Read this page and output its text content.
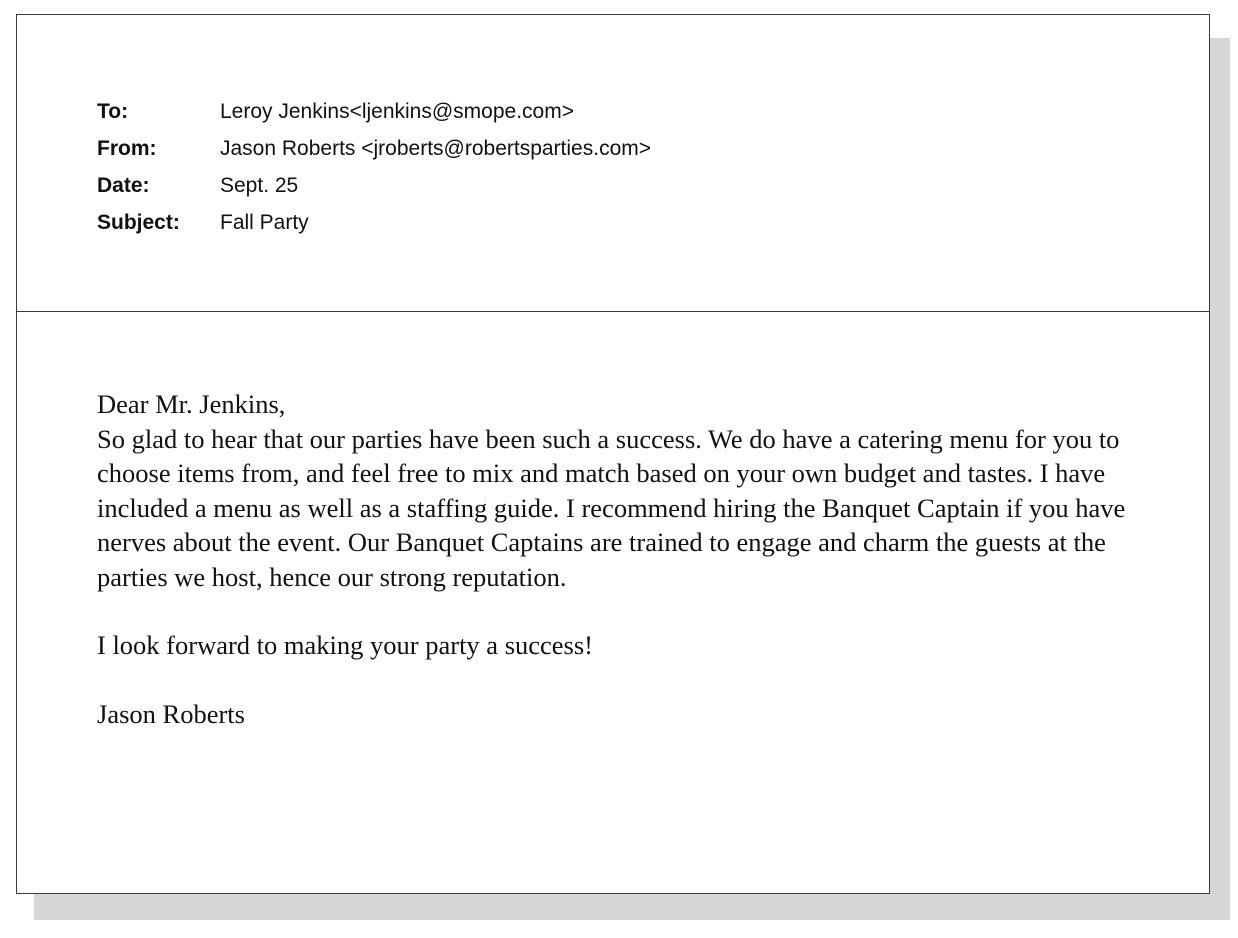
To:	Leroy Jenkins<ljenkins@smope.com>
From:	Jason Roberts <jroberts@robertsparties.com>
Date:	Sept. 25
Subject:	Fall Party

Dear Mr. Jenkins,

So glad to hear that our parties have been such a success. We do have a catering menu for you to choose items from, and feel free to mix and match based on your own budget and tastes. I have included a menu as well as a staffing guide. I recommend hiring the Banquet Captain if you have nerves about the event. Our Banquet Captains are trained to engage and charm the guests at the parties we host, hence our strong reputation.

I look forward to making your party a success!

Jason Roberts
